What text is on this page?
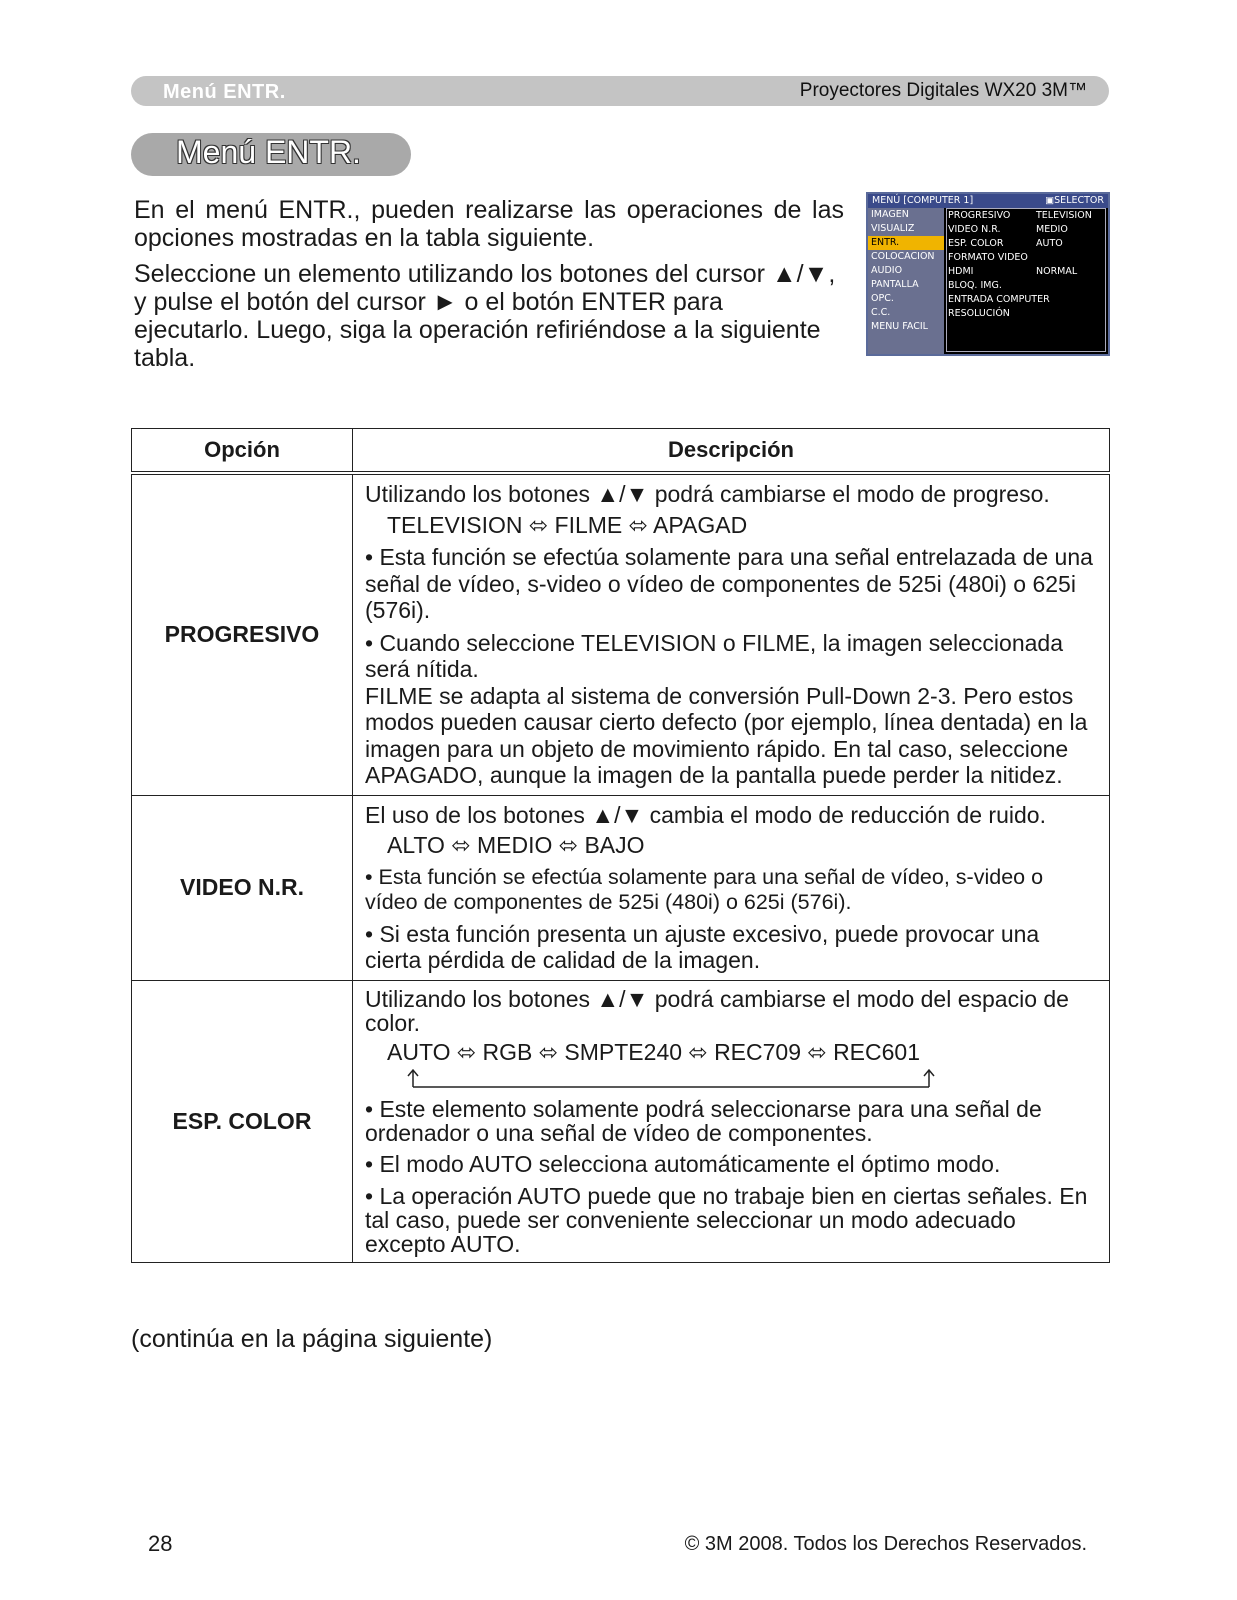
Menú ENTR.	Proyectores Digitales WX20 3M™
Menú ENTR.

En el menú ENTR., pueden realizarse las operaciones de las opciones mostradas en la tabla siguiente.

Seleccione un elemento utilizando los botones del cursor ▲/▼, y pulse el botón del cursor ► o el botón ENTER para ejecutarlo. Luego, siga la operación refiriéndose a la siguiente tabla.

MENÚ [COMPUTER 1]	▣SELECTOR
IMAGEN
VISUALIZ
ENTR.
COLOCACION
AUDIO
PANTALLA
OPC.
C.C.
MENU FACIL
PROGRESIVO
VIDEO N.R.
ESP. COLOR
FORMATO VIDEO
HDMI
BLOQ. IMG.
ENTRADA COMPUTER
RESOLUCIÓN
TELEVISION
MEDIO
AUTO
NORMAL
Opción	Descripción
PROGRESIVO	Utilizando los botones ▲/▼ podrá cambiarse el modo de progreso.

TELEVISION ⬄ FILME ⬄ APAGAD

• Esta función se efectúa solamente para una señal entrelazada de una señal de vídeo, s-video o vídeo de componentes de 525i (480i) o 625i (576i).

• Cuando seleccione TELEVISION o FILME, la imagen seleccionada será nítida.

FILME se adapta al sistema de conversión Pull-Down 2-3. Pero estos modos pueden causar cierto defecto (por ejemplo, línea dentada) en la imagen para un objeto de movimiento rápido. En tal caso, seleccione APAGADO, aunque la imagen de la pantalla puede perder la nitidez.

VIDEO N.R.	El uso de los botones ▲/▼ cambia el modo de reducción de ruido.

ALTO ⬄ MEDIO ⬄ BAJO

• Esta función se efectúa solamente para una señal de vídeo, s-video o vídeo de componentes de 525i (480i) o 625i (576i).

• Si esta función presenta un ajuste excesivo, puede provocar una cierta pérdida de calidad de la imagen.

ESP. COLOR	Utilizando los botones ▲/▼ podrá cambiarse el modo del espacio de color.

AUTO ⬄ RGB ⬄ SMPTE240 ⬄ REC709 ⬄ REC601

• Este elemento solamente podrá seleccionarse para una señal de ordenador o una señal de vídeo de componentes.

• El modo AUTO selecciona automáticamente el óptimo modo.

• La operación AUTO puede que no trabaje bien en ciertas señales. En tal caso, puede ser conveniente seleccionar un modo adecuado excepto AUTO.

(continúa en la página siguiente)
28	© 3M 2008. Todos los Derechos Reservados.
